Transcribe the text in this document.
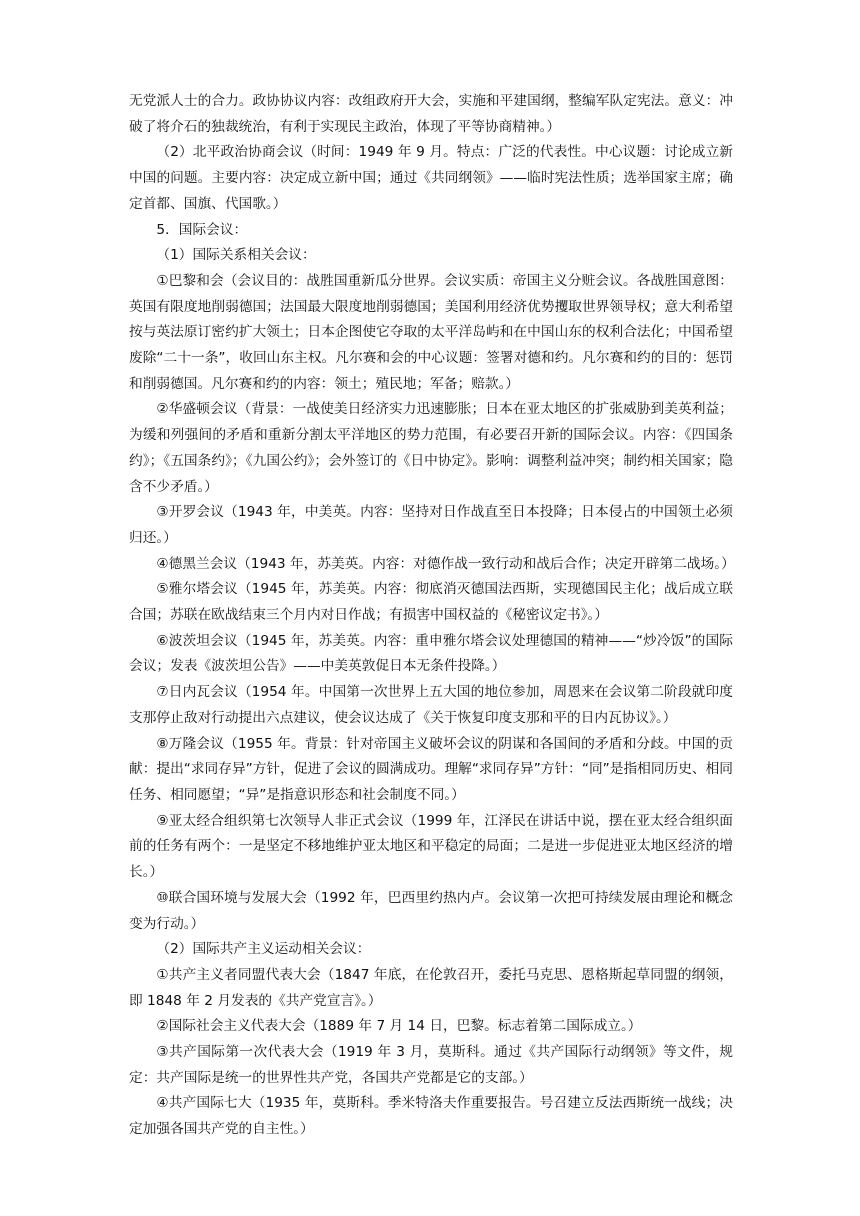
无党派人士的合力。政协协议内容：改组政府开大会，实施和平建国纲，整编军队定宪法。意义：冲破了将介石的独裁统治，有利于实现民主政治，体现了平等协商精神。）

（2）北平政治协商会议（时间：1949 年 9 月。特点：广泛的代表性。中心议题：讨论成立新中国的问题。主要内容：决定成立新中国；通过《共同纲领》——临时宪法性质；选举国家主席；确定首都、国旗、代国歌。）

5．国际会议：

（1）国际关系相关会议：

①巴黎和会（会议目的：战胜国重新瓜分世界。会议实质：帝国主义分赃会议。各战胜国意图：英国有限度地削弱德国；法国最大限度地削弱德国；美国利用经济优势攫取世界领导权；意大利希望按与英法原订密约扩大领土；日本企图使它夺取的太平洋岛屿和在中国山东的权利合法化；中国希望废除“二十一条”，收回山东主权。凡尔赛和会的中心议题：签署对德和约。凡尔赛和约的目的：惩罚和削弱德国。凡尔赛和约的内容：领土；殖民地；军备；赔款。）

②华盛顿会议（背景：一战使美日经济实力迅速膨胀；日本在亚太地区的扩张威胁到美英利益；为缓和列强间的矛盾和重新分割太平洋地区的势力范围，有必要召开新的国际会议。内容：《四国条约》；《五国条约》；《九国公约》；会外签订的《日中协定》。影响：调整利益冲突；制约相关国家；隐含不少矛盾。）

③开罗会议（1943 年，中美英。内容：坚持对日作战直至日本投降；日本侵占的中国领土必须归还。）

④德黑兰会议（1943 年，苏美英。内容：对德作战一致行动和战后合作；决定开辟第二战场。）

⑤雅尔塔会议（1945 年，苏美英。内容：彻底消灭德国法西斯，实现德国民主化；战后成立联合国；苏联在欧战结束三个月内对日作战；有损害中国权益的《秘密议定书》。）

⑥波茨坦会议（1945 年，苏美英。内容：重申雅尔塔会议处理德国的精神——“炒冷饭”的国际会议；发表《波茨坦公告》——中美英敦促日本无条件投降。）

⑦日内瓦会议（1954 年。中国第一次世界上五大国的地位参加，周恩来在会议第二阶段就印度支那停止敌对行动提出六点建议，使会议达成了《关于恢复印度支那和平的日内瓦协议》。）

⑧万隆会议（1955 年。背景：针对帝国主义破坏会议的阴谋和各国间的矛盾和分歧。中国的贡献：提出“求同存异”方针，促进了会议的圆满成功。理解“求同存异”方针：“同”是指相同历史、相同任务、相同愿望；“异”是指意识形态和社会制度不同。）

⑨亚太经合组织第七次领导人非正式会议（1999 年，江泽民在讲话中说，摆在亚太经合组织面前的任务有两个：一是坚定不移地维护亚太地区和平稳定的局面；二是进一步促进亚太地区经济的增长。）

⑩联合国环境与发展大会（1992 年，巴西里约热内卢。会议第一次把可持续发展由理论和概念变为行动。）

（2）国际共产主义运动相关会议：

①共产主义者同盟代表大会（1847 年底，在伦敦召开，委托马克思、恩格斯起草同盟的纲领，即 1848 年 2 月发表的《共产党宣言》。）

②国际社会主义代表大会（1889 年 7 月 14 日，巴黎。标志着第二国际成立。）

③共产国际第一次代表大会（1919 年 3 月，莫斯科。通过《共产国际行动纲领》等文件，规定：共产国际是统一的世界性共产党，各国共产党都是它的支部。）

④共产国际七大（1935 年，莫斯科。季米特洛夫作重要报告。号召建立反法西斯统一战线；决定加强各国共产党的自主性。）
